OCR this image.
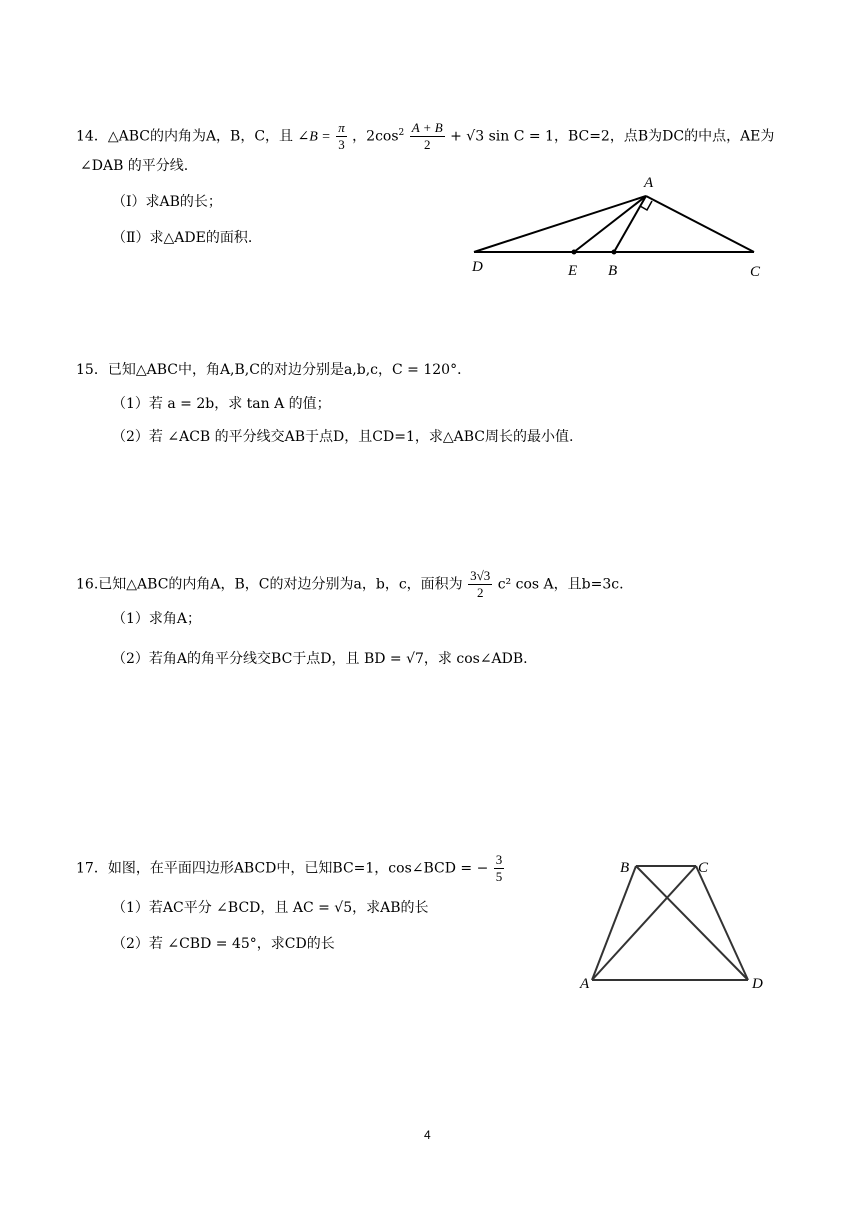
14．△ABC的内角为A，B，C，且 ∠B = $\frac{\pi}{3}$ ，$2\cos^2 \frac{A + B}{2} + √3$ sin C = 1，BC=2，点B为DC的中点，AE为
∠DAB 的平分线.
（Ⅰ）求AB的长；
（Ⅱ）求△ADE的面积.
A
D	E B	C
15．已知△ABC中，角A,B,C的对边分别是a,b,c，C = 120°．
（1）若 a = 2b，求 tan A 的值；
（2）若 ∠ACB 的平分线交AB于点D，且CD=1，求△ABC周长的最小值.
16.已知△ABC的内角A，B，C的对边分别为a，b，c，面积为 $\frac{3√3}{2} c^2$ cos A，且b=3c.
（1）求角A；
（2）若角A的角平分线交BC于点D，且 BD = √7，求 cos∠ADB.
17．如图，在平面四边形ABCD中，已知BC=1，cos∠BCD = − $\frac{3}{5}$
（1）若AC平分 ∠BCD，且 AC = √5，求AB的长
（2）若 ∠CBD = 45°，求CD的长
B	C
A	D
4
